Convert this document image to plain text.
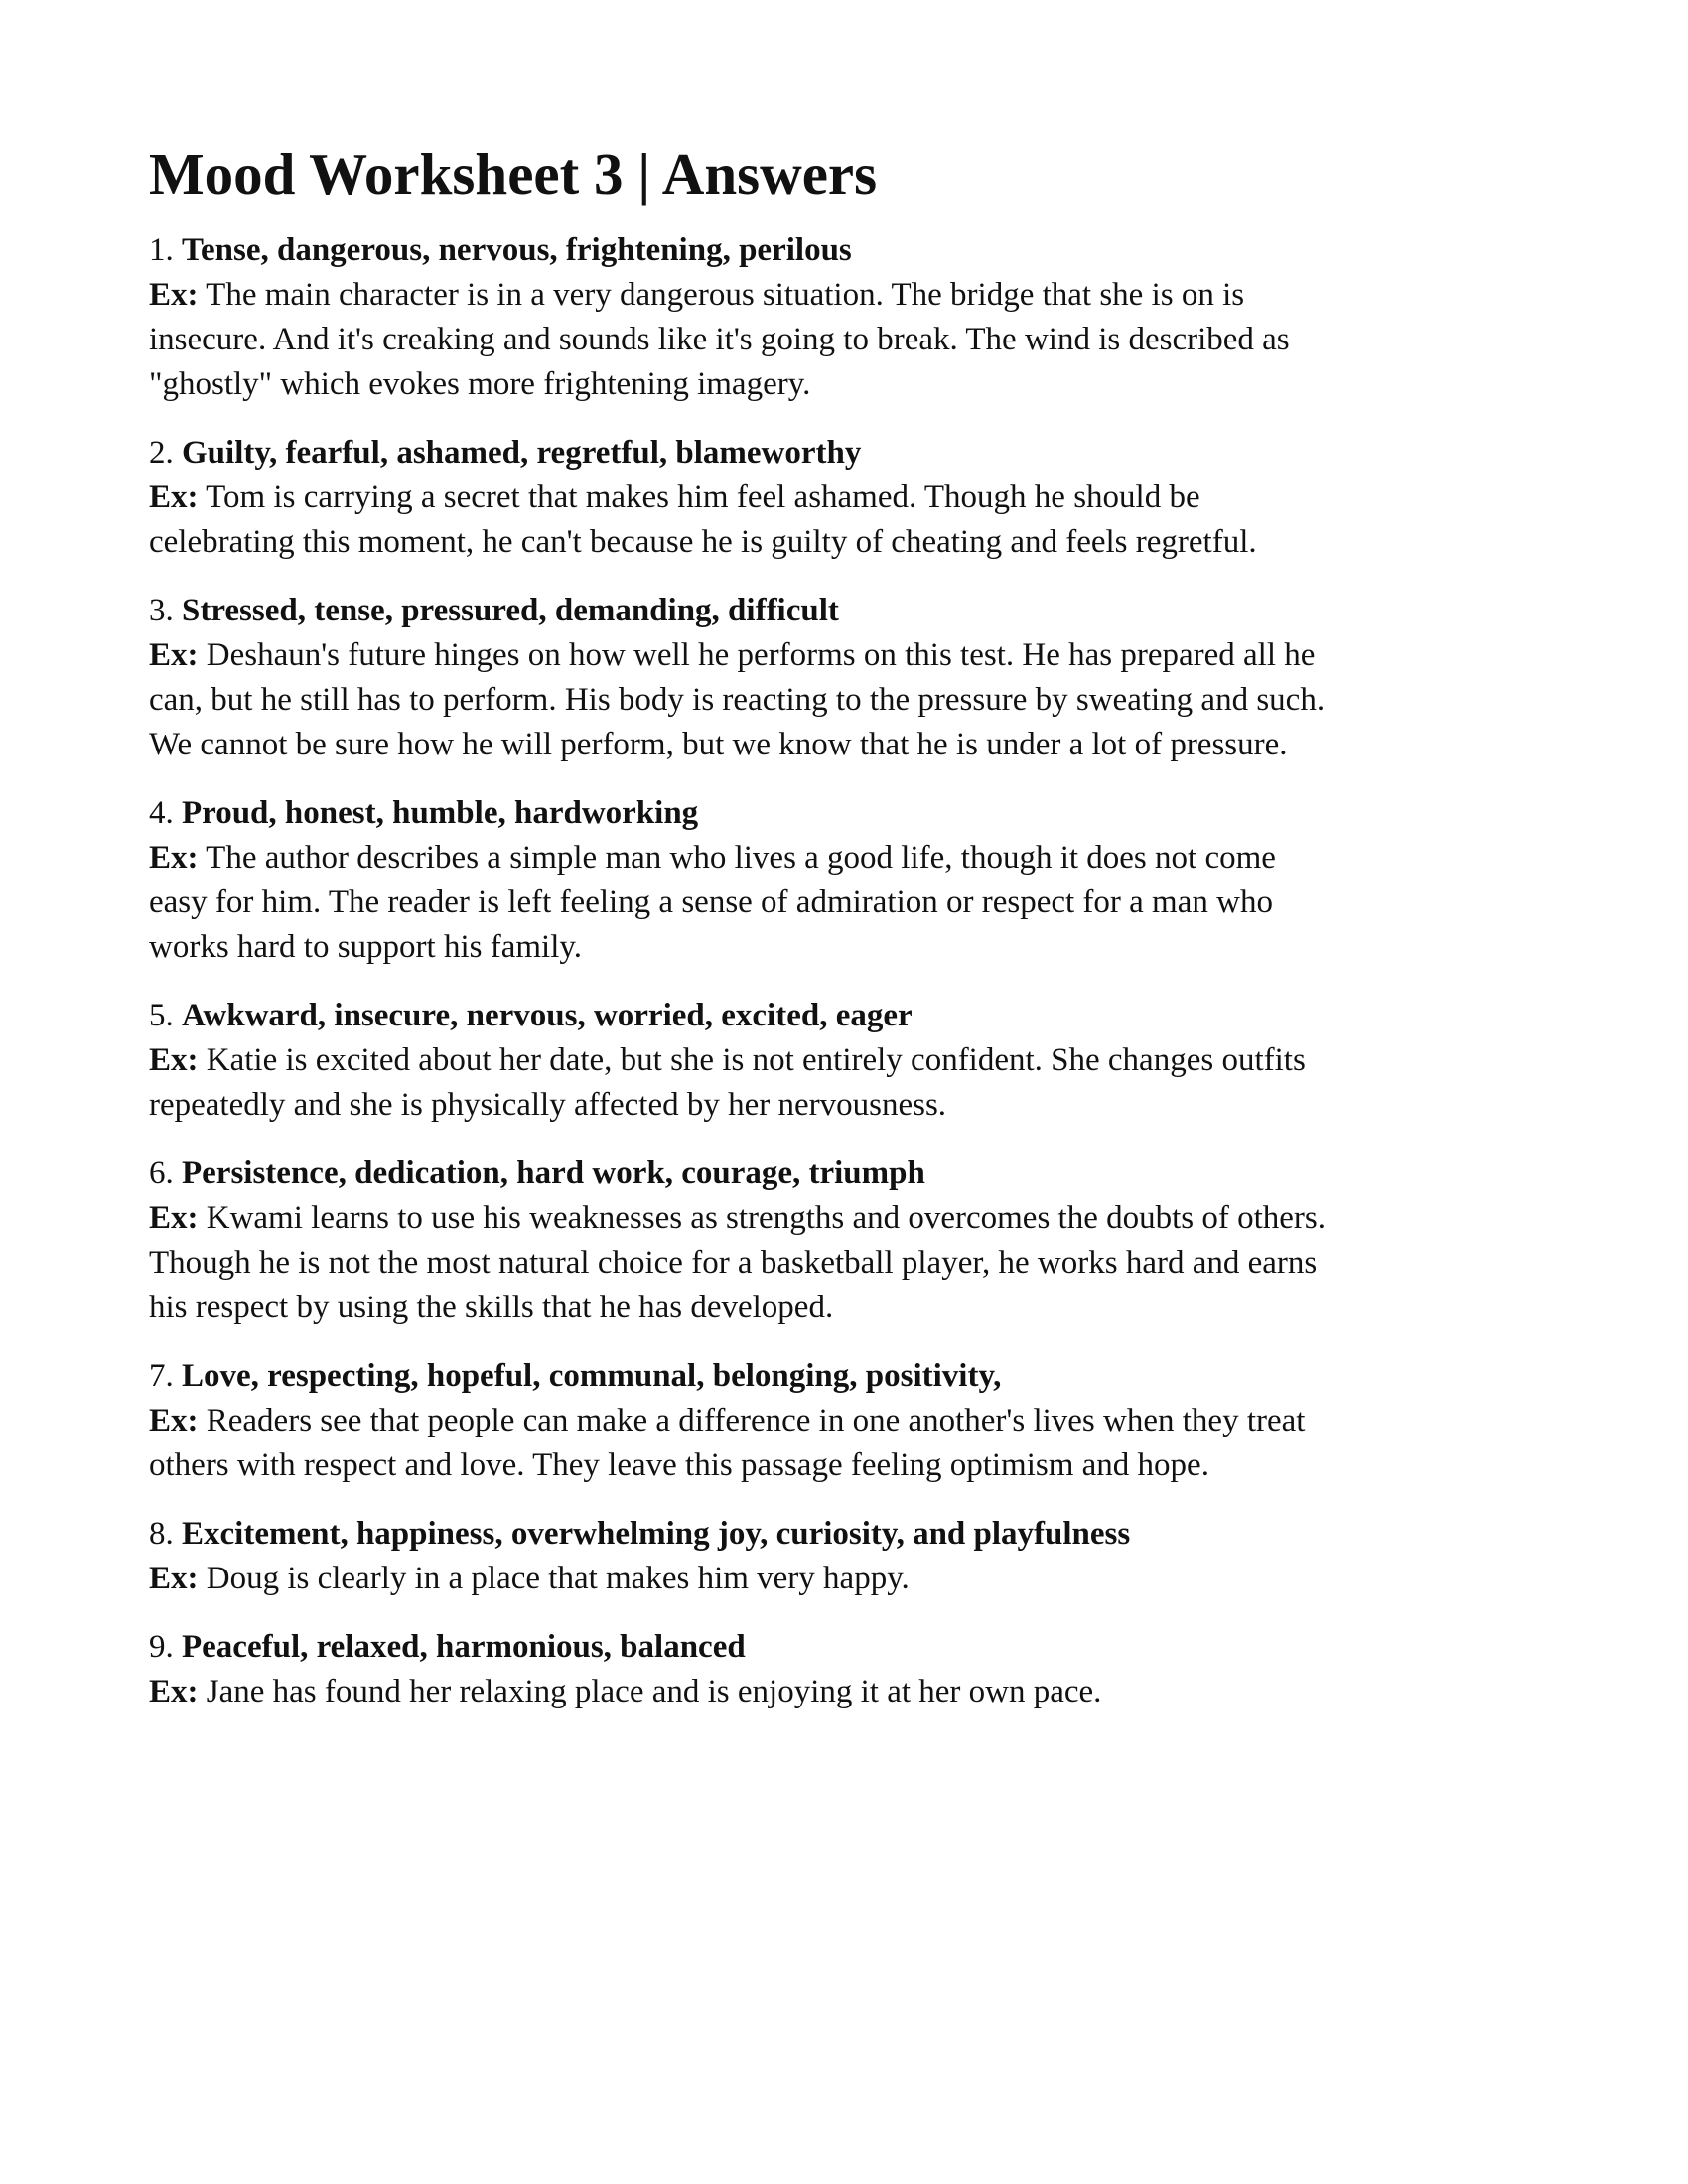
Mood Worksheet 3 | Answers
1. Tense, dangerous, nervous, frightening, perilous
Ex: The main character is in a very dangerous situation. The bridge that she is on is
insecure. And it's creaking and sounds like it's going to break. The wind is described as
"ghostly" which evokes more frightening imagery.
2. Guilty, fearful, ashamed, regretful, blameworthy
Ex: Tom is carrying a secret that makes him feel ashamed. Though he should be
celebrating this moment, he can't because he is guilty of cheating and feels regretful.
3. Stressed, tense, pressured, demanding, difficult
Ex: Deshaun's future hinges on how well he performs on this test. He has prepared all he
can, but he still has to perform. His body is reacting to the pressure by sweating and such.
We cannot be sure how he will perform, but we know that he is under a lot of pressure.
4. Proud, honest, humble, hardworking
Ex: The author describes a simple man who lives a good life, though it does not come
easy for him. The reader is left feeling a sense of admiration or respect for a man who
works hard to support his family.
5. Awkward, insecure, nervous, worried, excited, eager
Ex: Katie is excited about her date, but she is not entirely confident. She changes outfits
repeatedly and she is physically affected by her nervousness.
6. Persistence, dedication, hard work, courage, triumph
Ex: Kwami learns to use his weaknesses as strengths and overcomes the doubts of others.
Though he is not the most natural choice for a basketball player, he works hard and earns
his respect by using the skills that he has developed.
7. Love, respecting, hopeful, communal, belonging, positivity,
Ex: Readers see that people can make a difference in one another's lives when they treat
others with respect and love. They leave this passage feeling optimism and hope.
8. Excitement, happiness, overwhelming joy, curiosity, and playfulness
Ex: Doug is clearly in a place that makes him very happy.
9. Peaceful, relaxed, harmonious, balanced
Ex: Jane has found her relaxing place and is enjoying it at her own pace.
